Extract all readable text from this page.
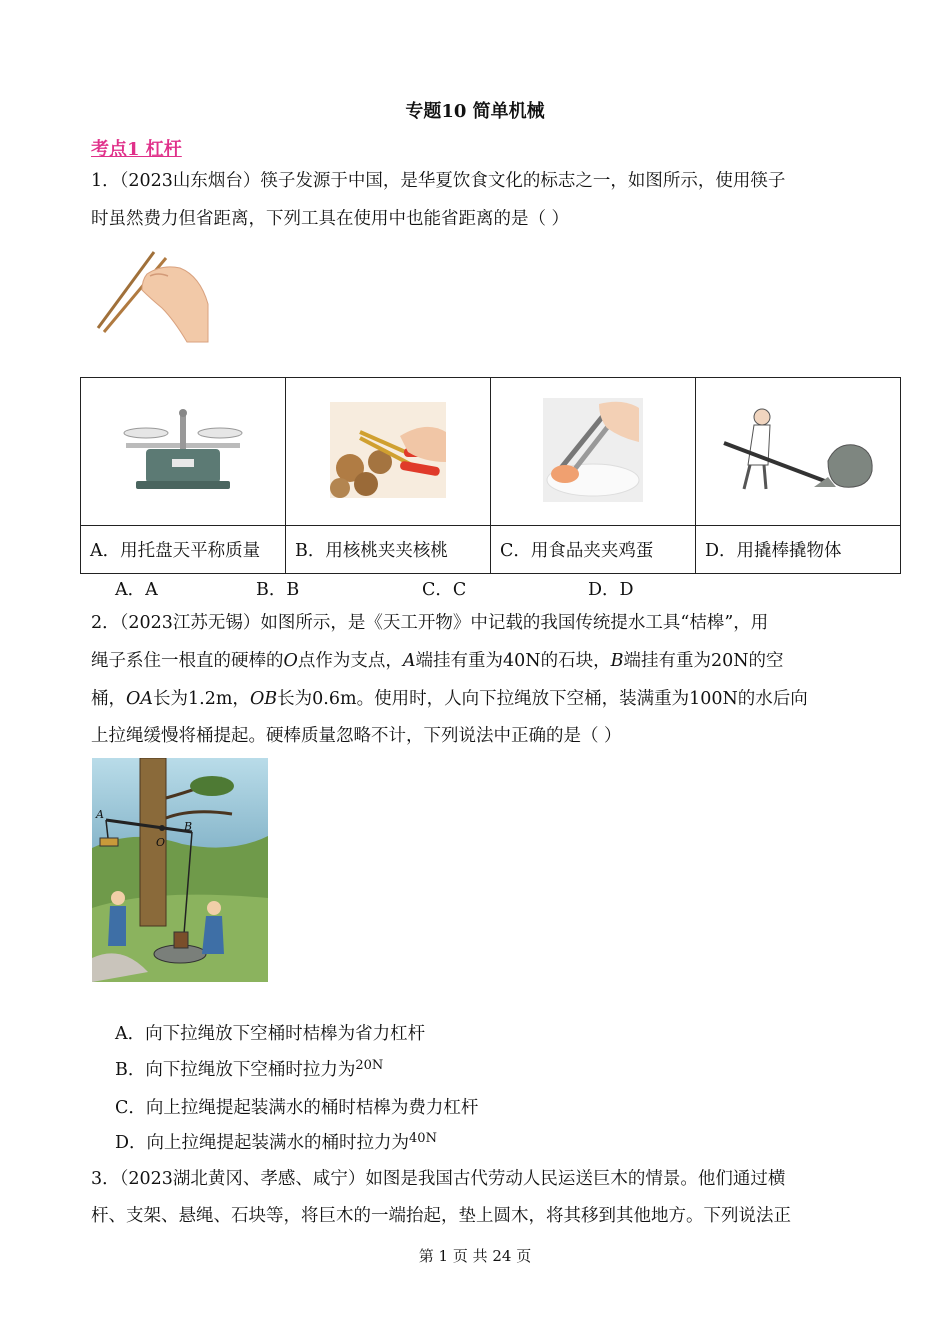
专题10 简单机械
考点1 杠杆
1．（2023山东烟台）筷子发源于中国，是华夏饮食文化的标志之一，如图所示，使用筷子
时虽然费力但省距离，下列工具在使用中也能省距离的是（ ）

A．用托盘天平称质量	B．用核桃夹夹核桃	C．用食品夹夹鸡蛋	D．用撬棒撬物体
A．A	B．B	C．C	D．D
2．（2023江苏无锡）如图所示，是《天工开物》中记载的我国传统提水工具“桔槔”，用
绳子系住一根直的硬棒的O点作为支点，A端挂有重为40N的石块，B端挂有重为20N的空
桶，OA长为1.2m，OB长为0.6m。使用时，人向下拉绳放下空桶，装满重为100N的水后向
上拉绳缓慢将桶提起。硬棒质量忽略不计，下列说法中正确的是（ ）
A
O
B
A．向下拉绳放下空桶时桔槔为省力杠杆
B．向下拉绳放下空桶时拉力为$^{20N}$
C．向上拉绳提起装满水的桶时桔槔为费力杠杆
D．向上拉绳提起装满水的桶时拉力为$^{40N}$
3．（2023湖北黄冈、孝感、咸宁）如图是我国古代劳动人民运送巨木的情景。他们通过横
杆、支架、悬绳、石块等，将巨木的一端抬起，垫上圆木，将其移到其他地方。下列说法正
第 1 页 共 24 页
